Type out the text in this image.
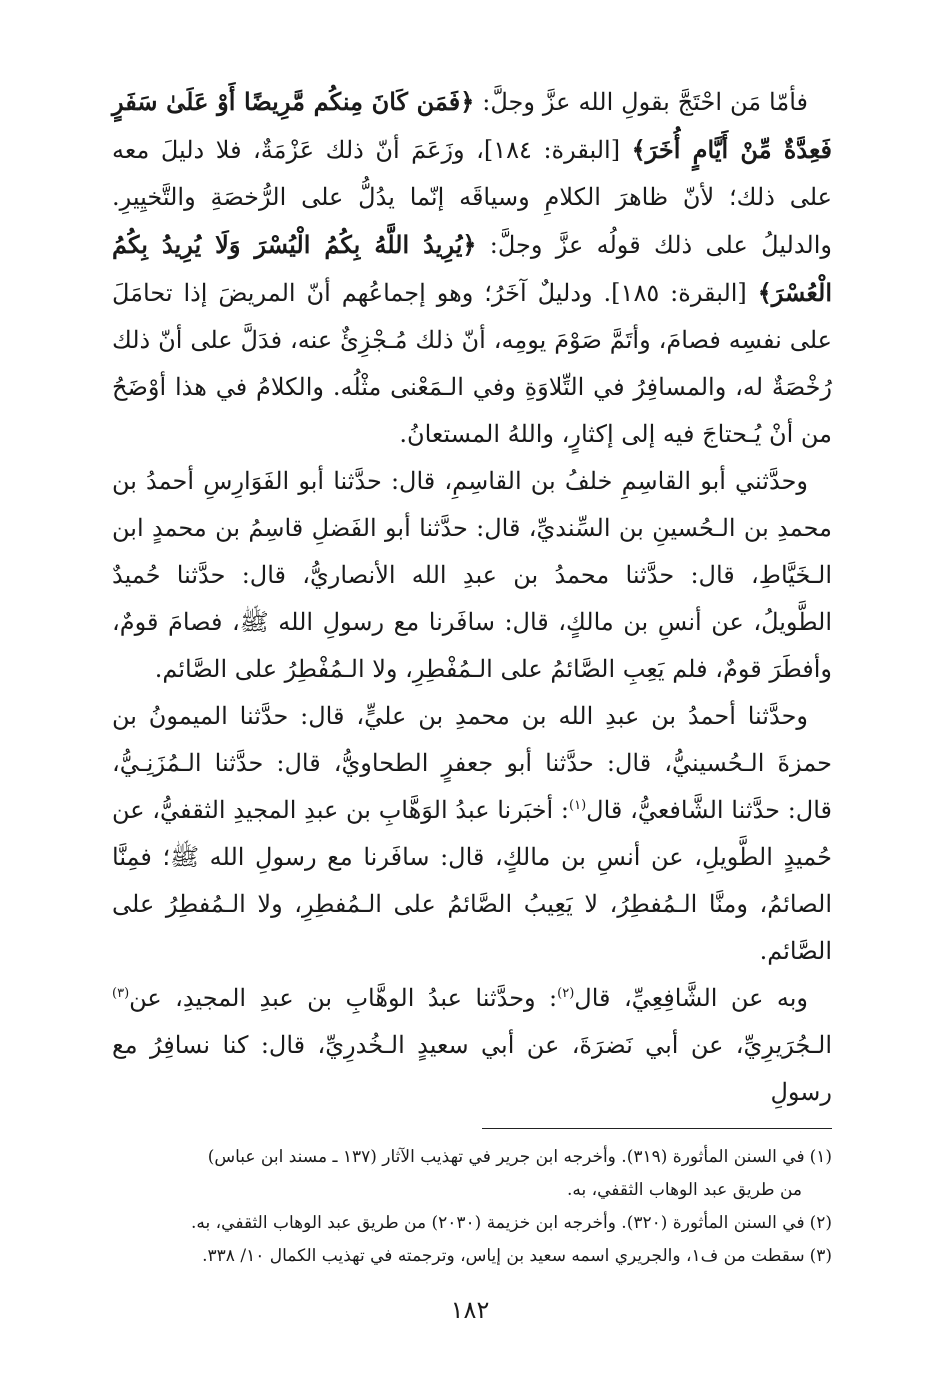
فأمّا مَن احْتَجَّ بقولِ الله عزَّ وجلَّ: ﴿فَمَن كَانَ مِنكُم مَّرِيضًا أَوْ عَلَىٰ سَفَرٍ فَعِدَّةٌ مِّنْ أَيَّامٍ أُخَرَ﴾ [البقرة: ١٨٤]، وزَعَمَ أنّ ذلك عَزْمَةٌ، فلا دليلَ معه على ذلك؛ لأنّ ظاهرَ الكلامِ وسياقَه إنّما يدُلُّ على الرُّخصَةِ والتَّخيِيرِ. والدليلُ على ذلك قولُه عزَّ وجلَّ: ﴿يُرِيدُ اللَّهُ بِكُمُ الْيُسْرَ وَلَا يُرِيدُ بِكُمُ الْعُسْرَ﴾ [البقرة: ١٨٥]. ودليلٌ آخَرُ؛ وهو إجماعُهم أنّ المريضَ إذا تحامَلَ على نفسِه فصامَ، وأتَمَّ صَوْمَ يومِه، أنّ ذلك مُـجْزِئٌ عنه، فدَلَّ على أنّ ذلك رُخْصَةٌ له، والمسافِرُ في التِّلاوَةِ وفي الـمَعْنى مثْلُه. والكلامُ في هذا أوْضَحُ من أنْ يُـحتاجَ فيه إلى إكثارٍ، واللهُ المستعانُ.

وحدَّثني أبو القاسِمِ خلفُ بن القاسِمِ، قال: حدَّثنا أبو الفَوَارِسِ أحمدُ بن محمدِ بن الـحُسينِ بن السِّنديِّ، قال: حدَّثنا أبو الفَضلِ قاسِمُ بن محمدٍ ابن الـخَيَّاطِ، قال: حدَّثنا محمدُ بن عبدِ الله الأنصاريُّ، قال: حدَّثنا حُميدٌ الطَّويلُ، عن أنسِ بن مالكٍ، قال: سافَرنا مع رسولِ الله ﷺ، فصامَ قومٌ، وأفطَرَ قومٌ، فلم يَعِبِ الصَّائمُ على الـمُفْطِرِ، ولا الـمُفْطِرُ على الصَّائم.

وحدَّثنا أحمدُ بن عبدِ الله بن محمدِ بن عليٍّ، قال: حدَّثنا الميمونُ بن حمزةَ الـحُسينيُّ، قال: حدَّثنا أبو جعفرٍ الطحاويُّ، قال: حدَّثنا الـمُزَنِـيُّ، قال: حدَّثنا الشَّافعيُّ، قال$^{(١)}$: أخبَرنا عبدُ الوَهَّابِ بن عبدِ المجيدِ الثقفيُّ، عن حُميدٍ الطَّويلِ، عن أنسِ بن مالكٍ، قال: سافَرنا مع رسولِ الله ﷺ؛ فمِنَّا الصائمُ، ومنَّا الـمُفطِرُ، لا يَعِيبُ الصَّائمُ على الـمُفطِرِ، ولا الـمُفطِرُ على الصَّائم.

وبه عن الشَّافِعِيِّ، قال$^{(٢)}$: وحدَّثنا عبدُ الوهَّابِ بن عبدِ المجيدِ، عن$^{(٣)}$ الـجُرَيرِيِّ، عن أبي نَضرَةَ، عن أبي سعيدٍ الـخُدرِيِّ، قال: كنا نسافِرُ مع رسولِ

(١)في السنن المأثورة (٣١٩). وأخرجه ابن جرير في تهذيب الآثار (١٣٧ ـ مسند ابن عباس)
من طريق عبد الوهاب الثقفي، به.
(٢)في السنن المأثورة (٣٢٠). وأخرجه ابن خزيمة (٢٠٣٠) من طريق عبد الوهاب الثقفي، به.
(٣)سقطت من ف١، والجريري اسمه سعيد بن إياس، وترجمته في تهذيب الكمال ١٠/ ٣٣٨.
١٨٢
